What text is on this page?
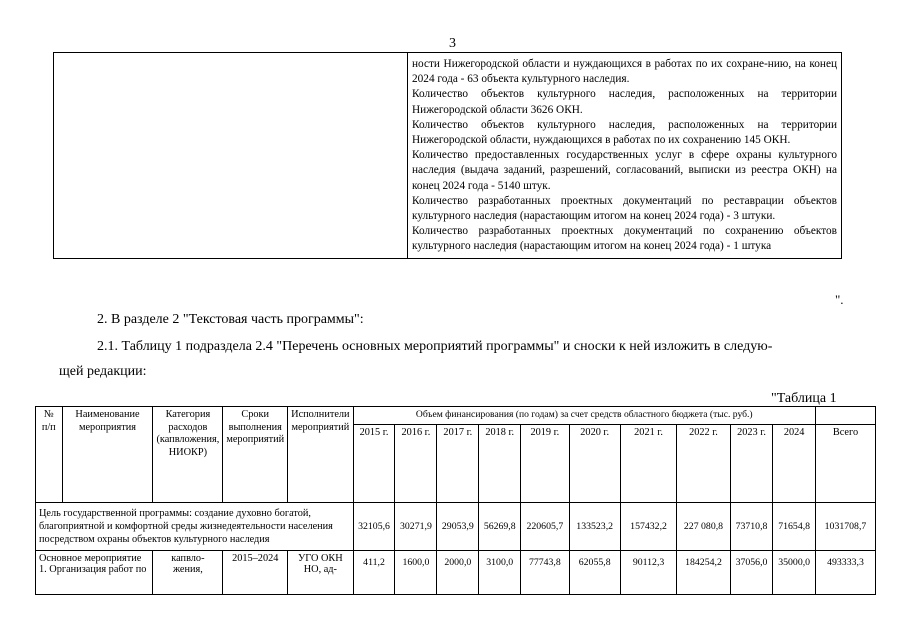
3

ности Нижегородской области и нуждающихся в работах по их сохране-нию, на конец 2024 года - 63 объекта культурного наследия.
Количество объектов культурного наследия, расположенных на территории Нижегородской области 3626 ОКН.
Количество объектов культурного наследия, расположенных на территории Нижегородской области, нуждающихся в работах по их сохранению 145 ОКН.
Количество предоставленных государственных услуг в сфере охраны культурного наследия (выдача заданий, разрешений, согласований, выписки из реестра ОКН) на конец 2024 года - 5140 штук.
Количество разработанных проектных документаций по реставрации объектов культурного наследия (нарастающим итогом на конец 2024 года) - 3 штуки.
Количество разработанных проектных документаций по сохранению объектов культурного наследия (нарастающим итогом на конец 2024 года) - 1 штука
".
2. В разделе 2 "Текстовая часть программы":
2.1. Таблицу 1 подраздела 2.4 "Перечень основных мероприятий программы" и сноски к ней изложить в следую-
щей редакции:
"Таблица 1
№ п/п	Наименование мероприятия	Категория расходов (капвложения, НИОКР)	Сроки выполнения мероприятий	Исполнители мероприятий	Объем финансирования (по годам) за счет средств областного бюджета (тыс. руб.)										
					2015 г.	2016 г.	2017 г.	2018 г.	2019 г.	2020 г.	2021 г.	2022 г.	2023 г.	2024	Всего
Цель государственной программы: создание духовно богатой, благоприятной и комфортной среды жизнедеятельности населения посредством охраны объектов культурного наследия					32105,6	30271,9	29053,9	56269,8	220605,7	133523,2	157432,2	227 080,8	73710,8	71654,8	1031708,7
Основное мероприятие 1. Организация работ по		капвло-жения,	2015–2024	УГО ОКН НО, ад-	411,2	1600,0	2000,0	3100,0	77743,8	62055,8	90112,3	184254,2	37056,0	35000,0	493333,3
